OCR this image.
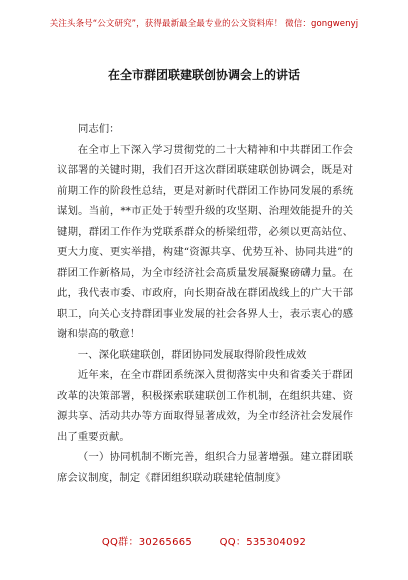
关注头条号“公文研究”，获得最新最全最专业的公文资料库！ 微信：gongwenyj
在全市群团联建联创协调会上的讲话

同志们：

在全市上下深入学习贯彻党的二十大精神和中共群团工作会议部署的关键时期，我们召开这次群团联建联创协调会，既是对前期工作的阶段性总结，更是对新时代群团工作协同发展的系统谋划。当前，**市正处于转型升级的攻坚期、治理效能提升的关键期，群团工作作为党联系群众的桥梁纽带，必须以更高站位、更大力度、更实举措，构建“资源共享、优势互补、协同共进”的群团工作新格局，为全市经济社会高质量发展凝聚磅礴力量。在此，我代表市委、市政府，向长期奋战在群团战线上的广大干部职工，向关心支持群团事业发展的社会各界人士，表示衷心的感谢和崇高的敬意！

一、深化联建联创，群团协同发展取得阶段性成效

近年来，在全市群团系统深入贯彻落实中央和省委关于群团改革的决策部署，积极探索联建联创工作机制，在组织共建、资源共享、活动共办等方面取得显著成效，为全市经济社会发展作出了重要贡献。

（一）协同机制不断完善，组织合力显著增强。建立群团联席会议制度，制定《群团组织联动联建轮值制度》

QQ群：30265665	QQ：535304092
